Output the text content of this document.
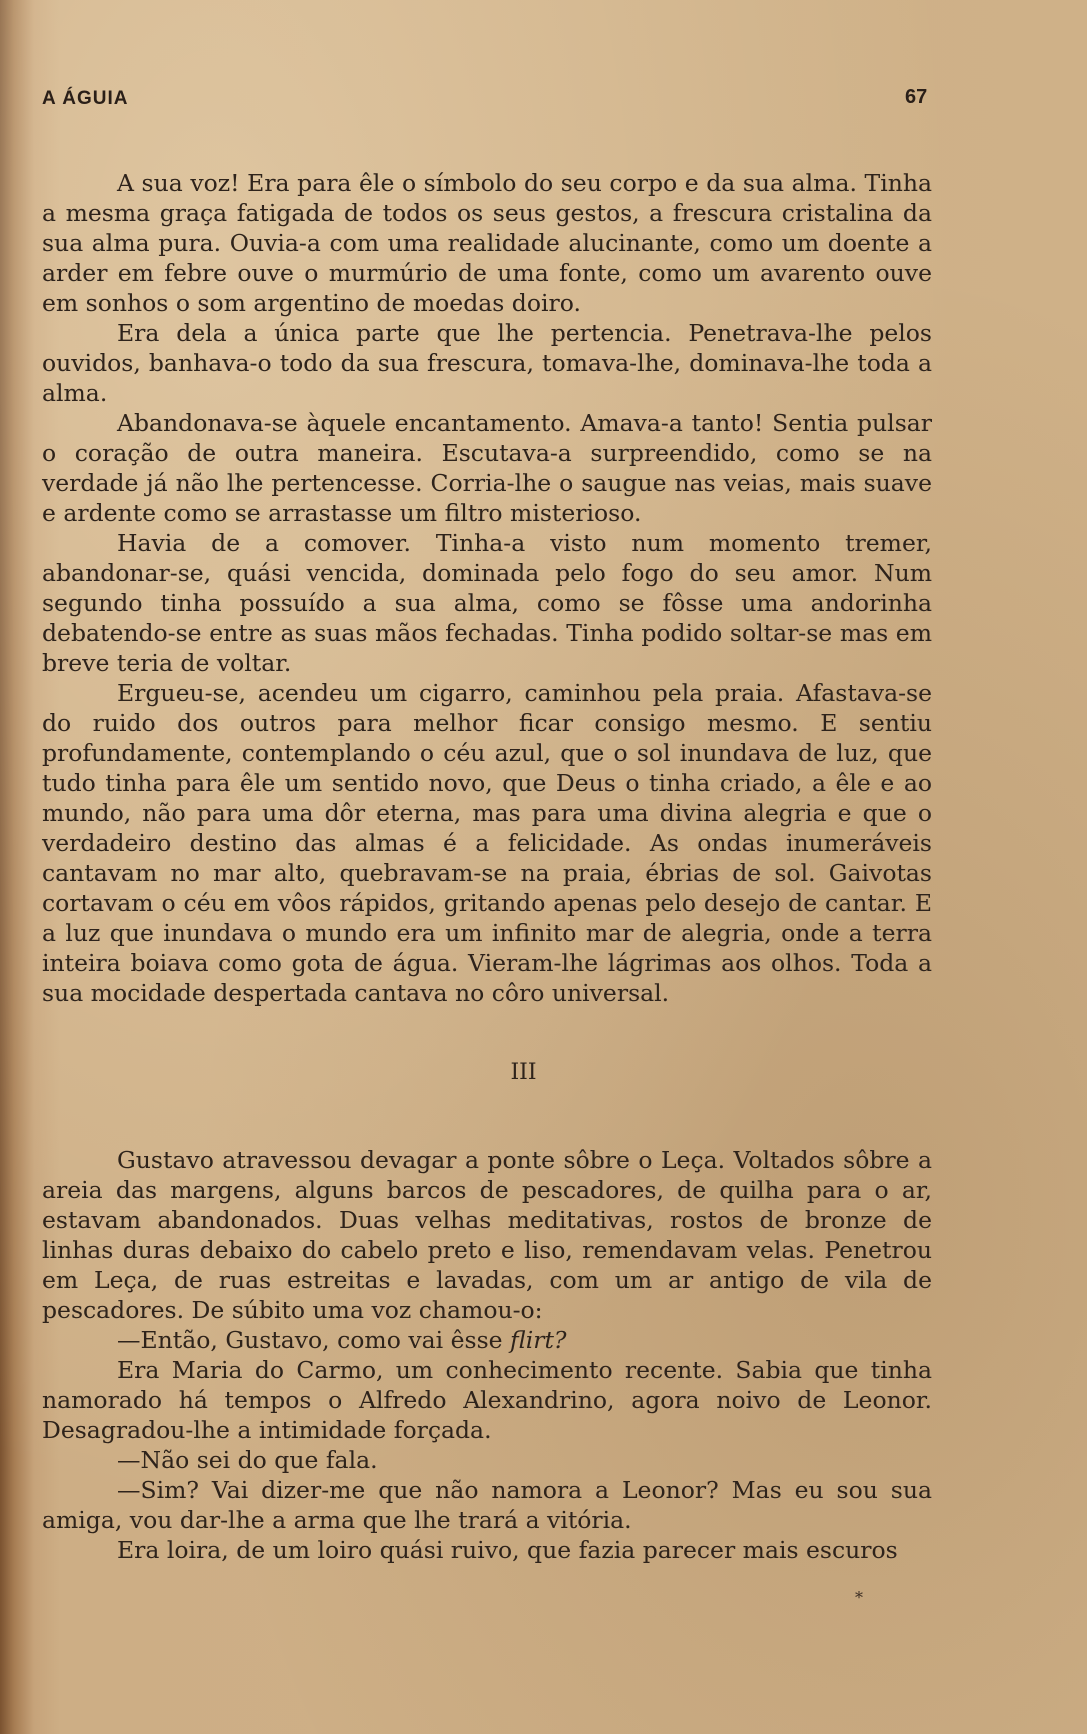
A ÁGUIA	67

A sua voz! Era para êle o símbolo do seu corpo e da sua alma. Tinha a mesma graça fatigada de todos os seus gestos, a frescura cristalina da sua alma pura. Ouvia-a com uma realidade alucinante, como um doente a arder em febre ouve o murmúrio de uma fonte, como um avarento ouve em sonhos o som argentino de moedas doiro.

Era dela a única parte que lhe pertencia. Penetrava-lhe pelos ouvidos, banhava-o todo da sua frescura, tomava-lhe, dominava-lhe toda a alma.

Abandonava-se àquele encantamento. Amava-a tanto! Sentia pulsar o coração de outra maneira. Escutava-a surpreendido, como se na verdade já não lhe pertencesse. Corria-lhe o saugue nas veias, mais suave e ardente como se arrastasse um filtro misterioso.

Havia de a comover. Tinha-a visto num momento tremer, abandonar-se, quási vencida, dominada pelo fogo do seu amor. Num segundo tinha possuído a sua alma, como se fôsse uma andorinha debatendo-se entre as suas mãos fechadas. Tinha podido soltar-se mas em breve teria de voltar.

Ergueu-se, acendeu um cigarro, caminhou pela praia. Afastava-se do ruido dos outros para melhor ficar consigo mesmo. E sentiu profundamente, contemplando o céu azul, que o sol inundava de luz, que tudo tinha para êle um sentido novo, que Deus o tinha criado, a êle e ao mundo, não para uma dôr eterna, mas para uma divina alegria e que o verdadeiro destino das almas é a felicidade. As ondas inumeráveis cantavam no mar alto, quebravam-se na praia, ébrias de sol. Gaivotas cortavam o céu em vôos rápidos, gritando apenas pelo desejo de cantar. E a luz que inundava o mundo era um infinito mar de alegria, onde a terra inteira boiava como gota de água. Vieram-lhe lágrimas aos olhos. Toda a sua mocidade despertada cantava no côro universal.

III

Gustavo atravessou devagar a ponte sôbre o Leça. Voltados sôbre a areia das margens, alguns barcos de pescadores, de quilha para o ar, estavam abandonados. Duas velhas meditativas, rostos de bronze de linhas duras debaixo do cabelo preto e liso, remendavam velas. Penetrou em Leça, de ruas estreitas e lavadas, com um ar antigo de vila de pescadores. De súbito uma voz chamou-o:

—Então, Gustavo, como vai êsse flirt?

Era Maria do Carmo, um conhecimento recente. Sabia que tinha namorado há tempos o Alfredo Alexandrino, agora noivo de Leonor. Desagradou-lhe a intimidade forçada.

—Não sei do que fala.

—Sim? Vai dizer-me que não namora a Leonor? Mas eu sou sua amiga, vou dar-lhe a arma que lhe trará a vitória.

Era loira, de um loiro quási ruivo, que fazia parecer mais escuros

*
